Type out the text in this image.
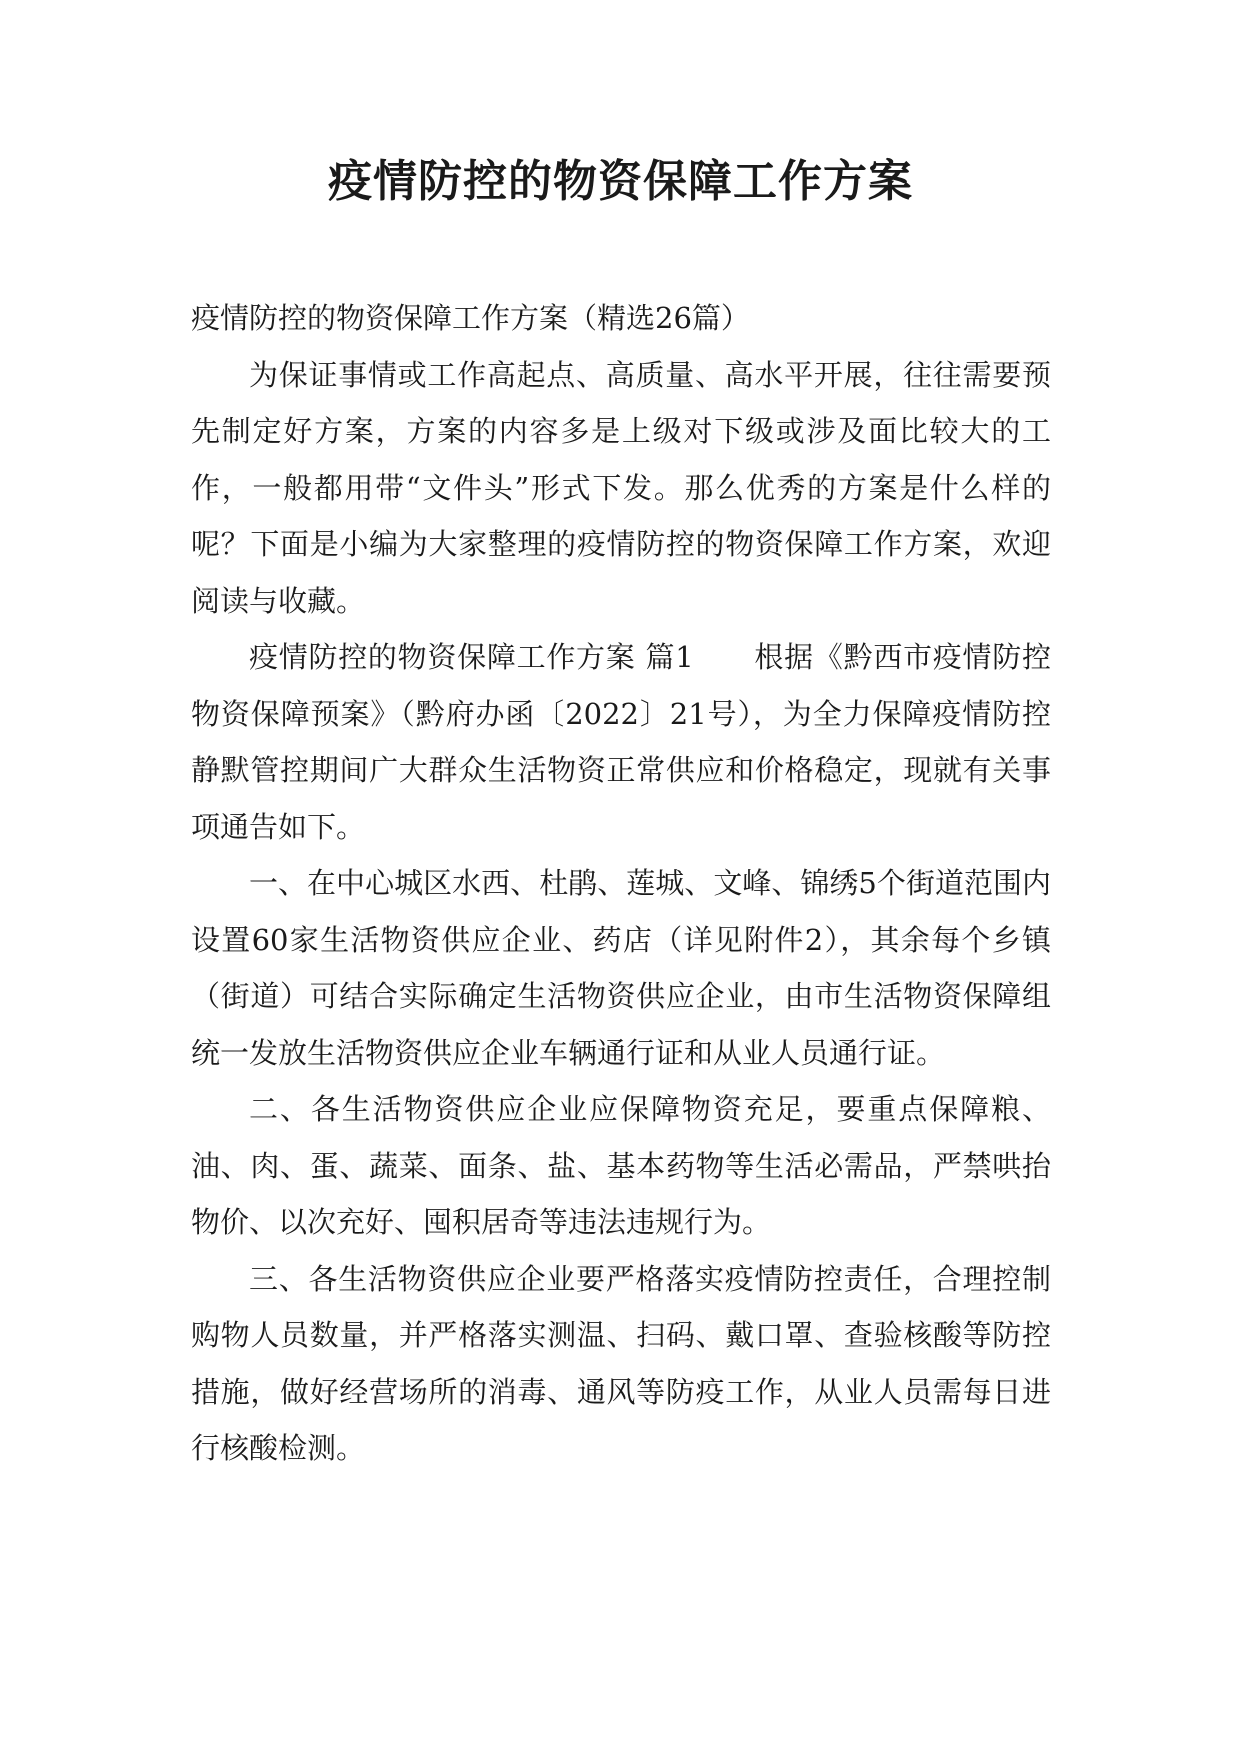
疫情防控的物资保障工作方案

疫情防控的物资保障工作方案（精选26篇）

为保证事情或工作高起点、高质量、高水平开展，往往需要预先制定好方案，方案的内容多是上级对下级或涉及面比较大的工作，一般都用带“文件头”形式下发。那么优秀的方案是什么样的呢？下面是小编为大家整理的疫情防控的物资保障工作方案，欢迎阅读与收藏。

疫情防控的物资保障工作方案 篇1 根据《黔西市疫情防控物资保障预案》（黔府办函〔2022〕21号），为全力保障疫情防控静默管控期间广大群众生活物资正常供应和价格稳定，现就有关事项通告如下。

一、在中心城区水西、杜鹃、莲城、文峰、锦绣5个街道范围内设置60家生活物资供应企业、药店（详见附件2），其余每个乡镇（街道）可结合实际确定生活物资供应企业，由市生活物资保障组统一发放生活物资供应企业车辆通行证和从业人员通行证。

二、各生活物资供应企业应保障物资充足，要重点保障粮、油、肉、蛋、蔬菜、面条、盐、基本药物等生活必需品，严禁哄抬物价、以次充好、囤积居奇等违法违规行为。

三、各生活物资供应企业要严格落实疫情防控责任，合理控制购物人员数量，并严格落实测温、扫码、戴口罩、查验核酸等防控措施，做好经营场所的消毒、通风等防疫工作，从业人员需每日进行核酸检测。
